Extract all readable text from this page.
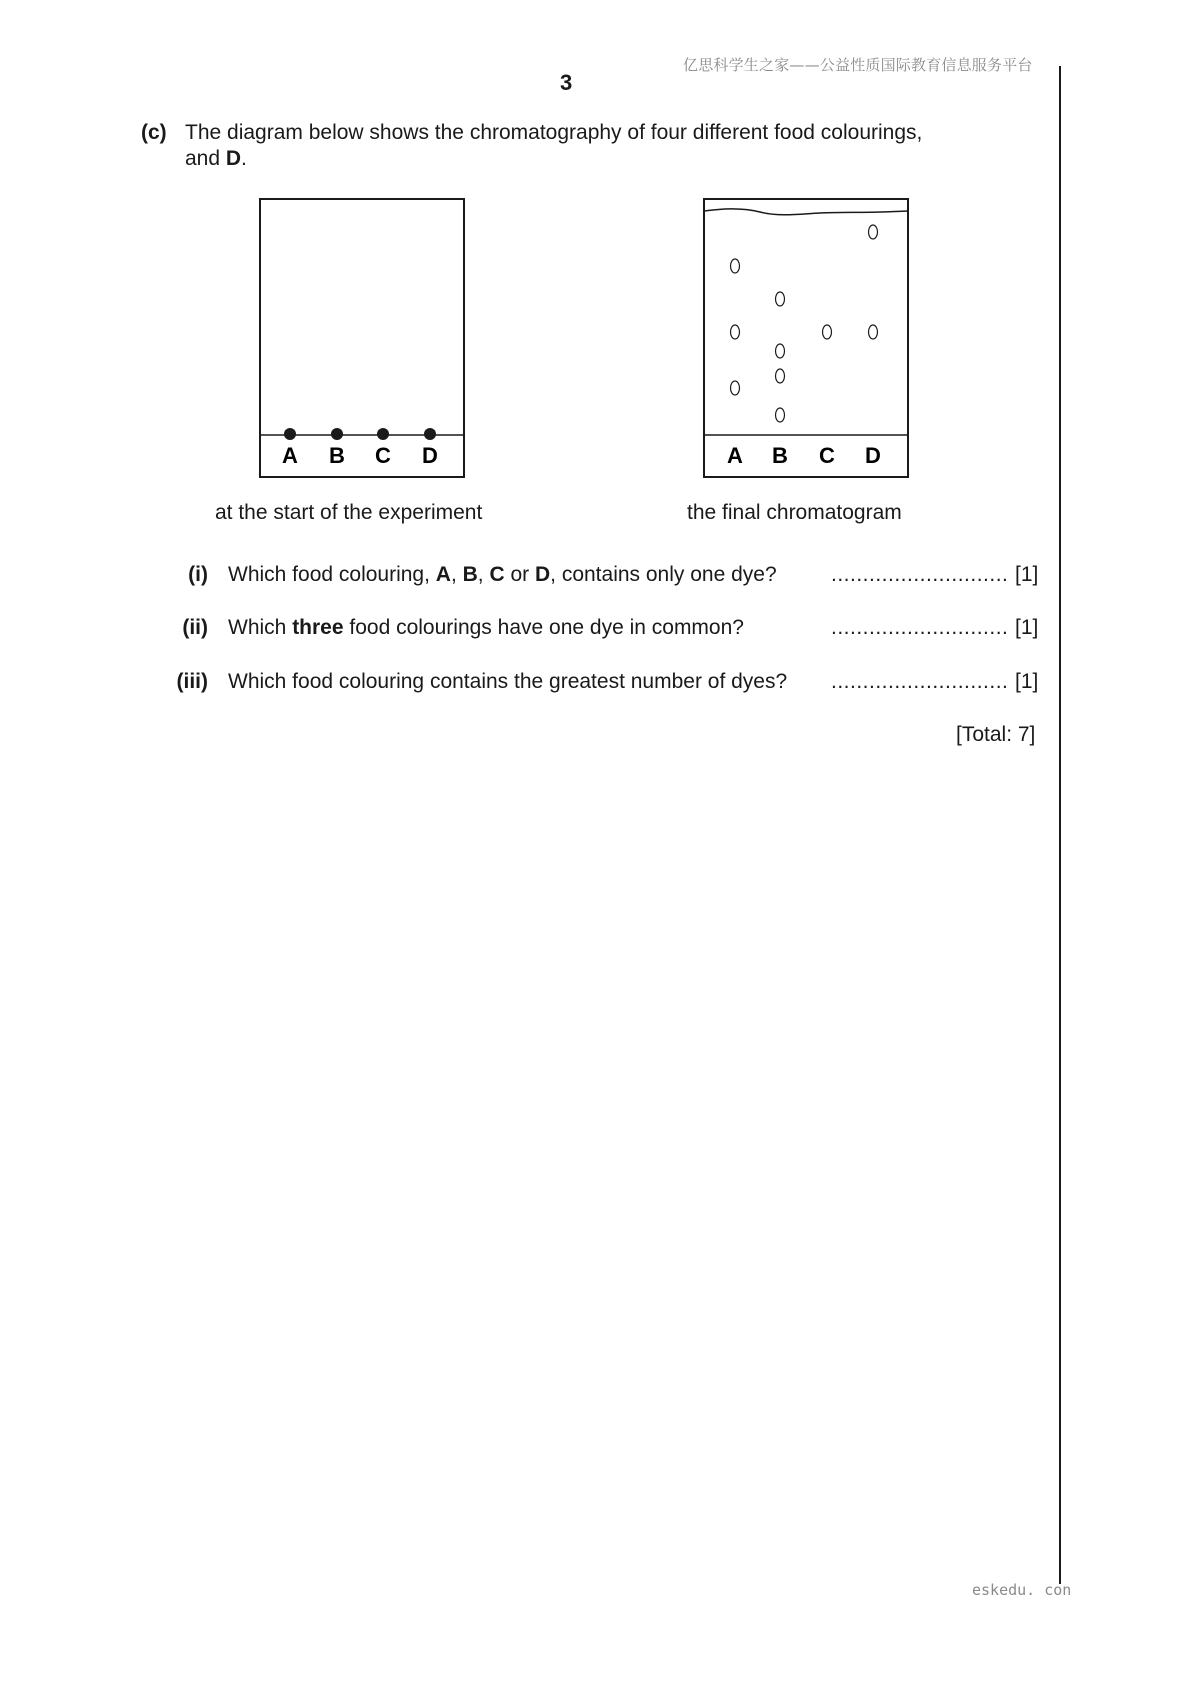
亿思科学生之家——公益性质国际教育信息服务平台
3
(c) The diagram below shows the chromatography of four different food colourings,
and D.
A B C D	A B C D
at the start of the experiment	the final chromatogram
(i) Which food colouring, A, B, C or D, contains only one dye?	............................ [1]
(ii) Which three food colourings have one dye in common?	............................ [1]
(iii) Which food colouring contains the greatest number of dyes? ............................ [1]
[Total: 7]
eskedu. con
